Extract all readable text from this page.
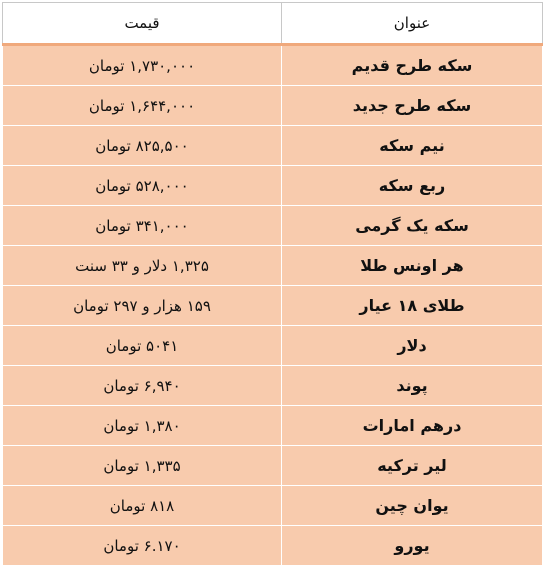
عنوان	قیمت
سکه طرح قدیم	۱,۷۳۰,۰۰۰ تومان
سکه طرح جدید	۱,۶۴۴,۰۰۰ تومان
نیم سکه	۸۲۵,۵۰۰ تومان
ربع سکه	۵۲۸,۰۰۰ تومان
سکه یک گرمی	۳۴۱,۰۰۰ تومان
هر اونس طلا	۱,۳۲۵ دلار و ۳۳ سنت
طلای ۱۸ عیار	۱۵۹ هزار و ۲۹۷ تومان
دلار	۵۰۴۱ تومان
پوند	۶,۹۴۰ تومان
درهم امارات	۱,۳۸۰ تومان
لیر ترکیه	۱,۳۳۵ تومان
یوان چین	۸۱۸ تومان
یورو	۶.۱۷۰ تومان
